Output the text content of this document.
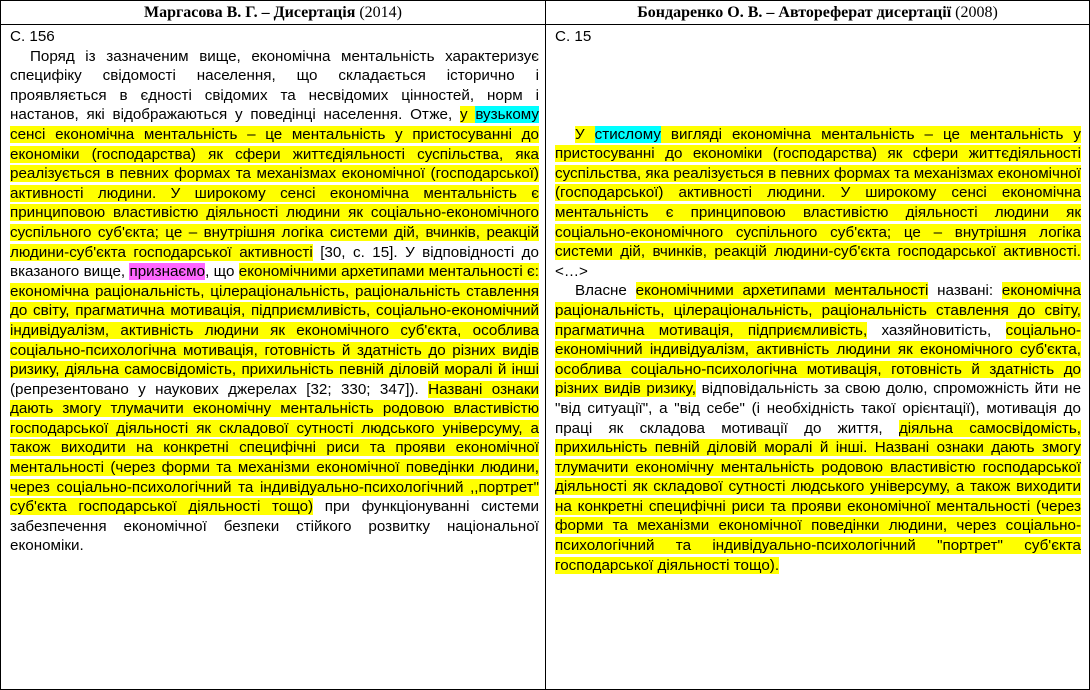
Маргасова В. Г. – Дисертація (2014)

С. 156

Поряд із зазначеним вище, економічна ментальність характеризує специфіку свідомості населення, що складається історично і проявляється в єдності свідомих та несвідомих цінностей, норм і настанов, які відображаються у поведінці населення. Отже, у вузькому сенсі економічна ментальність – це ментальність у пристосуванні до економіки (господарства) як сфери життєдіяльності суспільства, яка реалізується в певних формах та механізмах економічної (господарської) активності людини. У широкому сенсі економічна ментальність є принциповою властивістю діяльності людини як соціально-економічного суспільного суб'єкта; це – внутрішня логіка системи дій, вчинків, реакцій людини-суб'єкта господарської активності [30, с. 15]. У відповідності до вказаного вище, признаємо, що економічними архетипами ментальності є: економічна раціональність, цілераціональність, раціональність ставлення до світу, прагматична мотивація, підприємливість, соціально-економічний індивідуалізм, активність людини як економічного суб'єкта, особлива соціально-психологічна мотивація, готовність й здатність до різних видів ризику, діяльна самосвідомість, прихильність певній діловій моралі й інші (репрезентовано у наукових джерелах [32; 330; 347]). Названі ознаки дають змогу тлумачити економічну ментальність родовою властивістю господарської діяльності як складової сутності людського універсуму, а також виходити на конкретні специфічні риси та прояви економічної ментальності (через форми та механізми економічної поведінки людини, через соціально-психологічний та індивідуально-психологічний ,,портрет" суб'єкта господарської діяльності тощо) при функціонуванні системи забезпечення економічної безпеки стійкого розвитку національної економіки.

Бондаренко О. В. – Автореферат дисертації (2008)

С. 15

У стислому вигляді економічна ментальність – це ментальність у пристосуванні до економіки (господарства) як сфери життєдіяльності суспільства, яка реалізується в певних формах та механізмах економічної (господарської) активності людини. У широкому сенсі економічна ментальність є принциповою властивістю діяльності людини як соціально-економічного суспільного суб'єкта; це – внутрішня логіка системи дій, вчинків, реакцій людини-суб'єкта господарської активності. <…>

Власне економічними архетипами ментальності названі: економічна раціональність, цілераціональність, раціональність ставлення до світу, прагматична мотивація, підприємливість, хазяйновитість, соціально-економічний індивідуалізм, активність людини як економічного суб'єкта, особлива соціально-психологічна мотивація, готовність й здатність до різних видів ризику, відповідальність за свою долю, спроможність йти не "від ситуації", а "від себе" (і необхідність такої орієнтації), мотивація до праці як складова мотивації до життя, діяльна самосвідомість, прихильність певній діловій моралі й інші. Названі ознаки дають змогу тлумачити економічну ментальність родовою властивістю господарської діяльності як складової сутності людського універсуму, а також виходити на конкретні специфічні риси та прояви економічної ментальності (через форми та механізми економічної поведінки людини, через соціально-психологічний та індивідуально-психологічний "портрет" суб'єкта господарської діяльності тощо).
